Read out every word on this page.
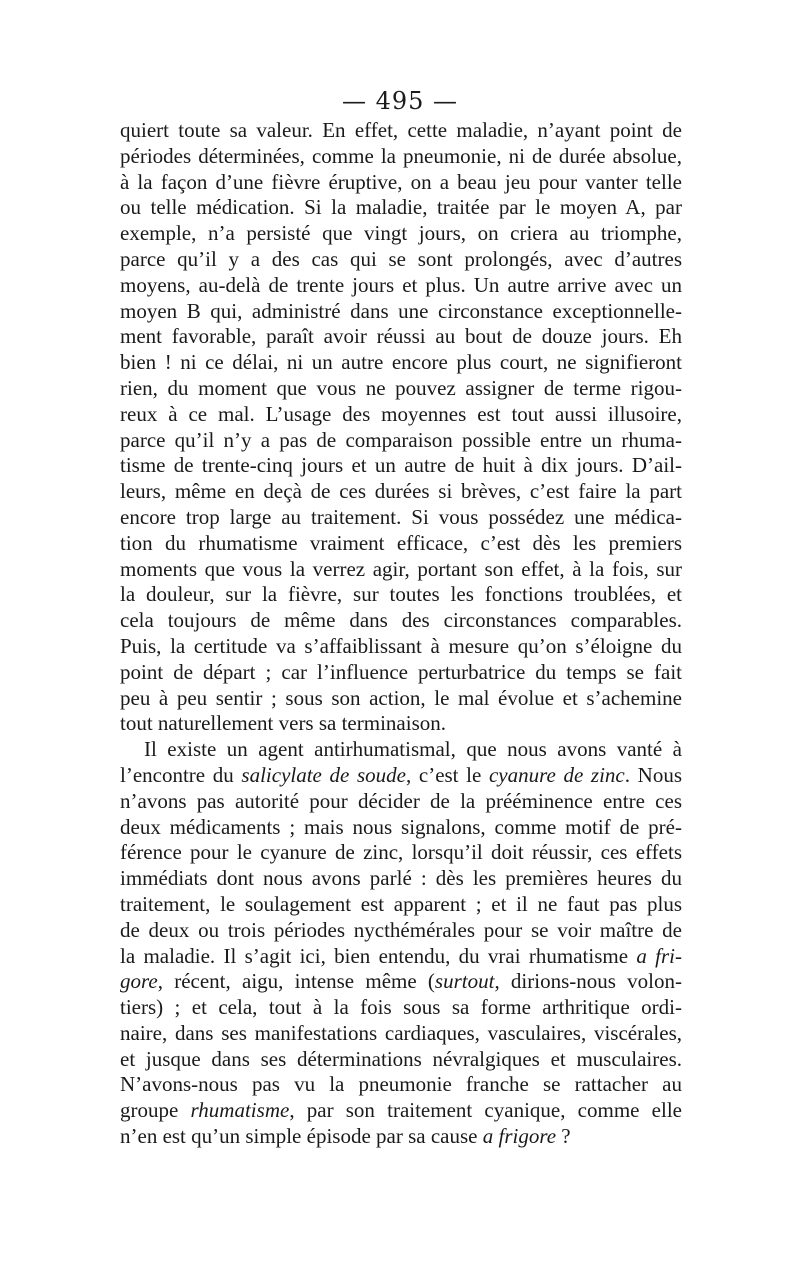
— 495 —
quiert toute sa valeur. En effet, cette maladie, n’ayant point de
périodes déterminées, comme la pneumonie, ni de durée absolue,
à la façon d’une fièvre éruptive, on a beau jeu pour vanter telle
ou telle médication. Si la maladie, traitée par le moyen A, par
exemple, n’a persisté que vingt jours, on criera au triomphe,
parce qu’il y a des cas qui se sont prolongés, avec d’autres
moyens, au-delà de trente jours et plus. Un autre arrive avec un
moyen B qui, administré dans une circonstance exceptionnelle-
ment favorable, paraît avoir réussi au bout de douze jours. Eh
bien ! ni ce délai, ni un autre encore plus court, ne signifieront
rien, du moment que vous ne pouvez assigner de terme rigou-
reux à ce mal. L’usage des moyennes est tout aussi illusoire,
parce qu’il n’y a pas de comparaison possible entre un rhuma-
tisme de trente-cinq jours et un autre de huit à dix jours. D’ail-
leurs, même en deçà de ces durées si brèves, c’est faire la part
encore trop large au traitement. Si vous possédez une médica-
tion du rhumatisme vraiment efficace, c’est dès les premiers
moments que vous la verrez agir, portant son effet, à la fois, sur
la douleur, sur la fièvre, sur toutes les fonctions troublées, et
cela toujours de même dans des circonstances comparables.
Puis, la certitude va s’affaiblissant à mesure qu’on s’éloigne du
point de départ ; car l’influence perturbatrice du temps se fait
peu à peu sentir ; sous son action, le mal évolue et s’achemine
tout naturellement vers sa terminaison.
Il existe un agent antirhumatismal, que nous avons vanté à
l’encontre du salicylate de soude, c’est le cyanure de zinc. Nous
n’avons pas autorité pour décider de la prééminence entre ces
deux médicaments ; mais nous signalons, comme motif de pré-
férence pour le cyanure de zinc, lorsqu’il doit réussir, ces effets
immédiats dont nous avons parlé : dès les premières heures du
traitement, le soulagement est apparent ; et il ne faut pas plus
de deux ou trois périodes nycthémérales pour se voir maître de
la maladie. Il s’agit ici, bien entendu, du vrai rhumatisme a fri-
gore, récent, aigu, intense même (surtout, dirions-nous volon-
tiers) ; et cela, tout à la fois sous sa forme arthritique ordi-
naire, dans ses manifestations cardiaques, vasculaires, viscérales,
et jusque dans ses déterminations névralgiques et musculaires.
N’avons-nous pas vu la pneumonie franche se rattacher au
groupe rhumatisme, par son traitement cyanique, comme elle
n’en est qu’un simple épisode par sa cause a frigore ?
